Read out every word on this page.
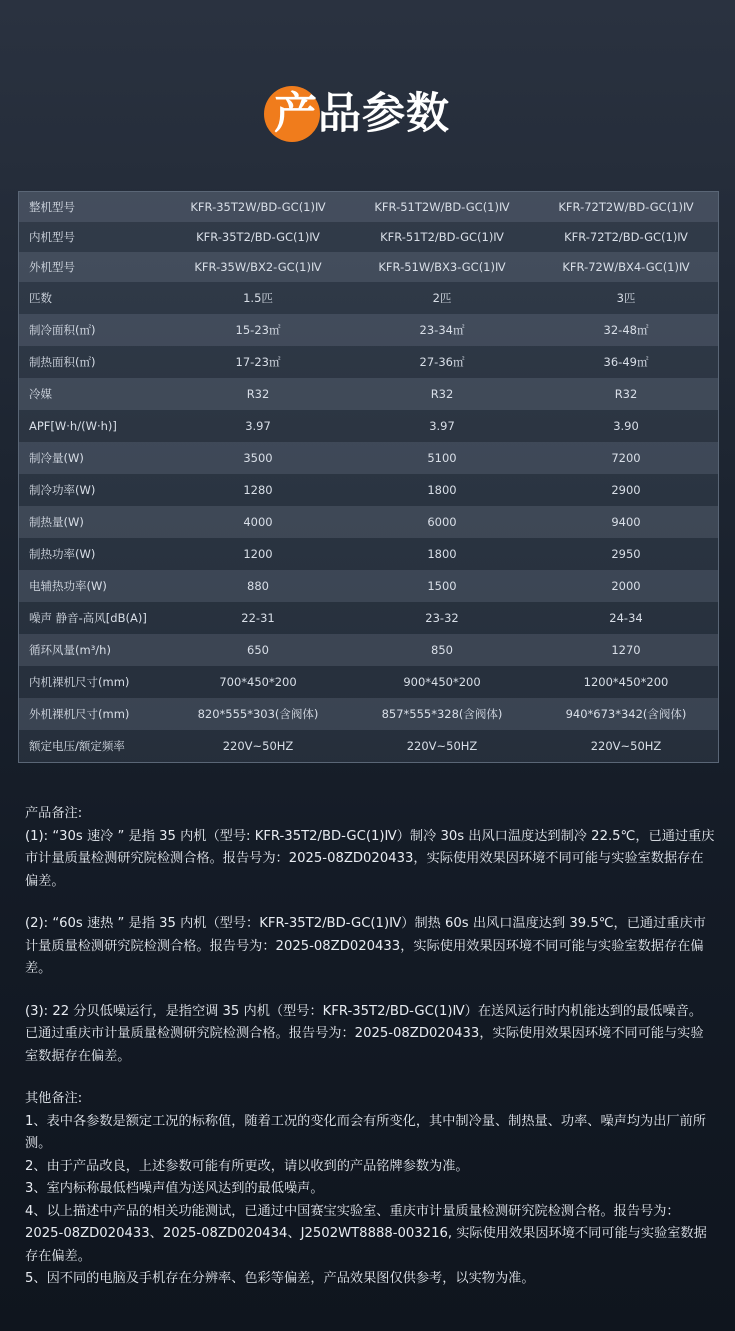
产品参数
整机型号	KFR-35T2W/BD-GC(1)Ⅳ	KFR-51T2W/BD-GC(1)Ⅳ	KFR-72T2W/BD-GC(1)Ⅳ
内机型号	KFR-35T2/BD-GC(1)Ⅳ	KFR-51T2/BD-GC(1)Ⅳ	KFR-72T2/BD-GC(1)Ⅳ
外机型号	KFR-35W/BX2-GC(1)Ⅳ	KFR-51W/BX3-GC(1)Ⅳ	KFR-72W/BX4-GC(1)Ⅳ
匹数	1.5匹	2匹	3匹
制冷面积(㎡)	15-23㎡	23-34㎡	32-48㎡
制热面积(㎡)	17-23㎡	27-36㎡	36-49㎡
冷媒	R32	R32	R32
APF[W·h/(W·h)]	3.97	3.97	3.90
制冷量(W)	3500	5100	7200
制冷功率(W)	1280	1800	2900
制热量(W)	4000	6000	9400
制热功率(W)	1200	1800	2950
电辅热功率(W)	880	1500	2000
噪声 静音-高风[dB(A)]	22-31	23-32	24-34
循环风量(m³/h)	650	850	1270
内机裸机尺寸(mm)	700*450*200	900*450*200	1200*450*200
外机裸机尺寸(mm)	820*555*303(含阀体)	857*555*328(含阀体)	940*673*342(含阀体)
额定电压/额定频率	220V~50HZ	220V~50HZ	220V~50HZ

产品备注:

(1): “30s 速冷 ” 是指 35 内机（型号: KFR-35T2/BD-GC(1)Ⅳ）制冷 30s 出风口温度达到制冷 22.5℃，已通过重庆市计量质量检测研究院检测合格。报告号为：2025-08ZD020433，实际使用效果因环境不同可能与实验室数据存在偏差。

(2): “60s 速热 ” 是指 35 内机（型号：KFR-35T2/BD-GC(1)Ⅳ）制热 60s 出风口温度达到 39.5℃，已通过重庆市计量质量检测研究院检测合格。报告号为：2025-08ZD020433，实际使用效果因环境不同可能与实验室数据存在偏差。

(3): 22 分贝低噪运行，是指空调 35 内机（型号：KFR-35T2/BD-GC(1)Ⅳ）在送风运行时内机能达到的最低噪音。已通过重庆市计量质量检测研究院检测合格。报告号为：2025-08ZD020433，实际使用效果因环境不同可能与实验室数据存在偏差。

其他备注:

1、表中各参数是额定工况的标称值，随着工况的变化而会有所变化，其中制冷量、制热量、功率、噪声均为出厂前所测。

2、由于产品改良，上述参数可能有所更改，请以收到的产品铭牌参数为准。

3、室内标称最低档噪声值为送风达到的最低噪声。

4、以上描述中产品的相关功能测试，已通过中国赛宝实验室、重庆市计量质量检测研究院检测合格。报告号为：2025-08ZD020433、2025-08ZD020434、J2502WT8888-003216, 实际使用效果因环境不同可能与实验室数据存在偏差。

5、因不同的电脑及手机存在分辨率、色彩等偏差，产品效果图仅供参考，以实物为准。
